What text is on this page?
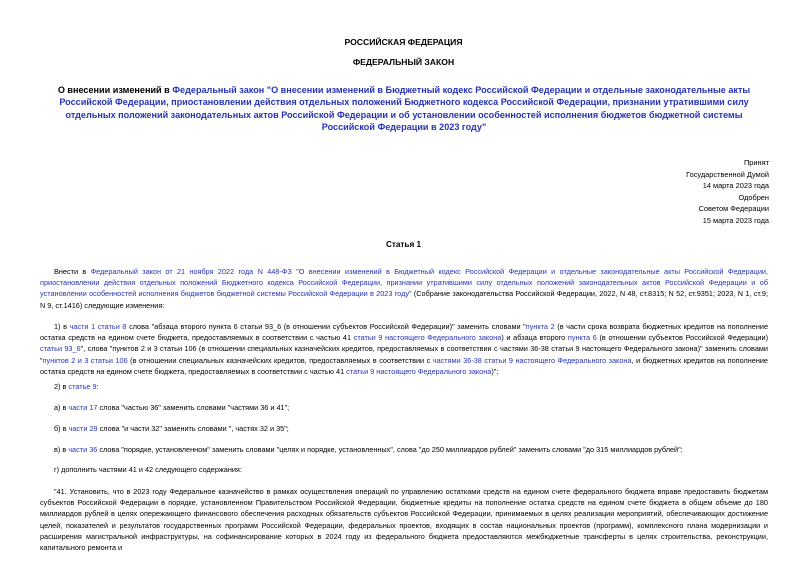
РОССИЙСКАЯ ФЕДЕРАЦИЯ
ФЕДЕРАЛЬНЫЙ ЗАКОН
О внесении изменений в Федеральный закон "О внесении изменений в Бюджетный кодекс Российской Федерации и отдельные законодательные акты Российской Федерации, приостановлении действия отдельных положений Бюджетного кодекса Российской Федерации, признании утратившими силу отдельных положений законодательных актов Российской Федерации и об установлении особенностей исполнения бюджетов бюджетной системы Российской Федерации в 2023 году"
Принят
Государственной Думой
14 марта 2023 года
Одобрен
Советом Федерации
15 марта 2023 года
Статья 1
Внести в Федеральный закон от 21 ноября 2022 года N 448-ФЗ "О внесении изменений в Бюджетный кодекс Российской Федерации и отдельные законодательные акты Российской Федерации, приостановлении действия отдельных положений Бюджетного кодекса Российской Федерации, признании утратившими силу отдельных положений законодательных актов Российской Федерации и об установлении особенностей исполнения бюджетов бюджетной системы Российской Федерации в 2023 году" (Собрание законодательства Российской Федерации, 2022, N 48, ст.8315; N 52, ст.9351; 2023, N 1, ст.9; N 9, ст.1416) следующие изменения:
1) в части 1 статьи 8 слова "абзаца второго пункта 6 статьи 93_6 (в отношении субъектов Российской Федерации)" заменить словами "пункта 2 (в части срока возврата бюджетных кредитов на пополнение остатка средств на едином счете бюджета, предоставляемых в соответствии с частью 41 статьи 9 настоящего Федерального закона) и абзаца второго пункта 6 (в отношении субъектов Российской Федерации) статьи 93_6", слова "пунктов 2 и 3 статьи 106 (в отношении специальных казначейских кредитов, предоставляемых в соответствии с частями 36-38 статьи 9 настоящего Федерального закона)" заменить словами "пунктов 2 и 3 статьи 106 (в отношении специальных казначейских кредитов, предоставляемых в соответствии с частями 36-38 статьи 9 настоящего Федерального закона, и бюджетных кредитов на пополнение остатка средств на едином счете бюджета, предоставляемых в соответствии с частью 41 статьи 9 настоящего Федерального закона)";
2) в статье 9:
а) в части 17 слова "частью 36" заменить словами "частями 36 и 41";
б) в части 29 слова "и части 32" заменить словами ", частях 32 и 35";
в) в части 36 слова "порядке, установленном" заменить словами "целях и порядке, установленных", слова "до 250 миллиардов рублей" заменить словами "до 315 миллиардов рублей";
г) дополнить частями 41 и 42 следующего содержания:
"41. Установить, что в 2023 году Федеральное казначейство в рамках осуществления операций по управлению остатками средств на едином счете федерального бюджета вправе предоставить бюджетам субъектов Российской Федерации в порядке, установленном Правительством Российской Федерации, бюджетные кредиты на пополнение остатка средств на едином счете бюджета в общем объеме до 180 миллиардов рублей в целях опережающего финансового обеспечения расходных обязательств субъектов Российской Федерации, принимаемых в целях реализации мероприятий, обеспечивающих достижение целей, показателей и результатов государственных программ Российской Федерации, федеральных проектов, входящих в состав национальных проектов (программ), комплексного плана модернизации и расширения магистральной инфраструктуры, на софинансирование которых в 2024 году из федерального бюджета предоставляются межбюджетные трансферты в целях строительства, реконструкции, капитального ремонта и
